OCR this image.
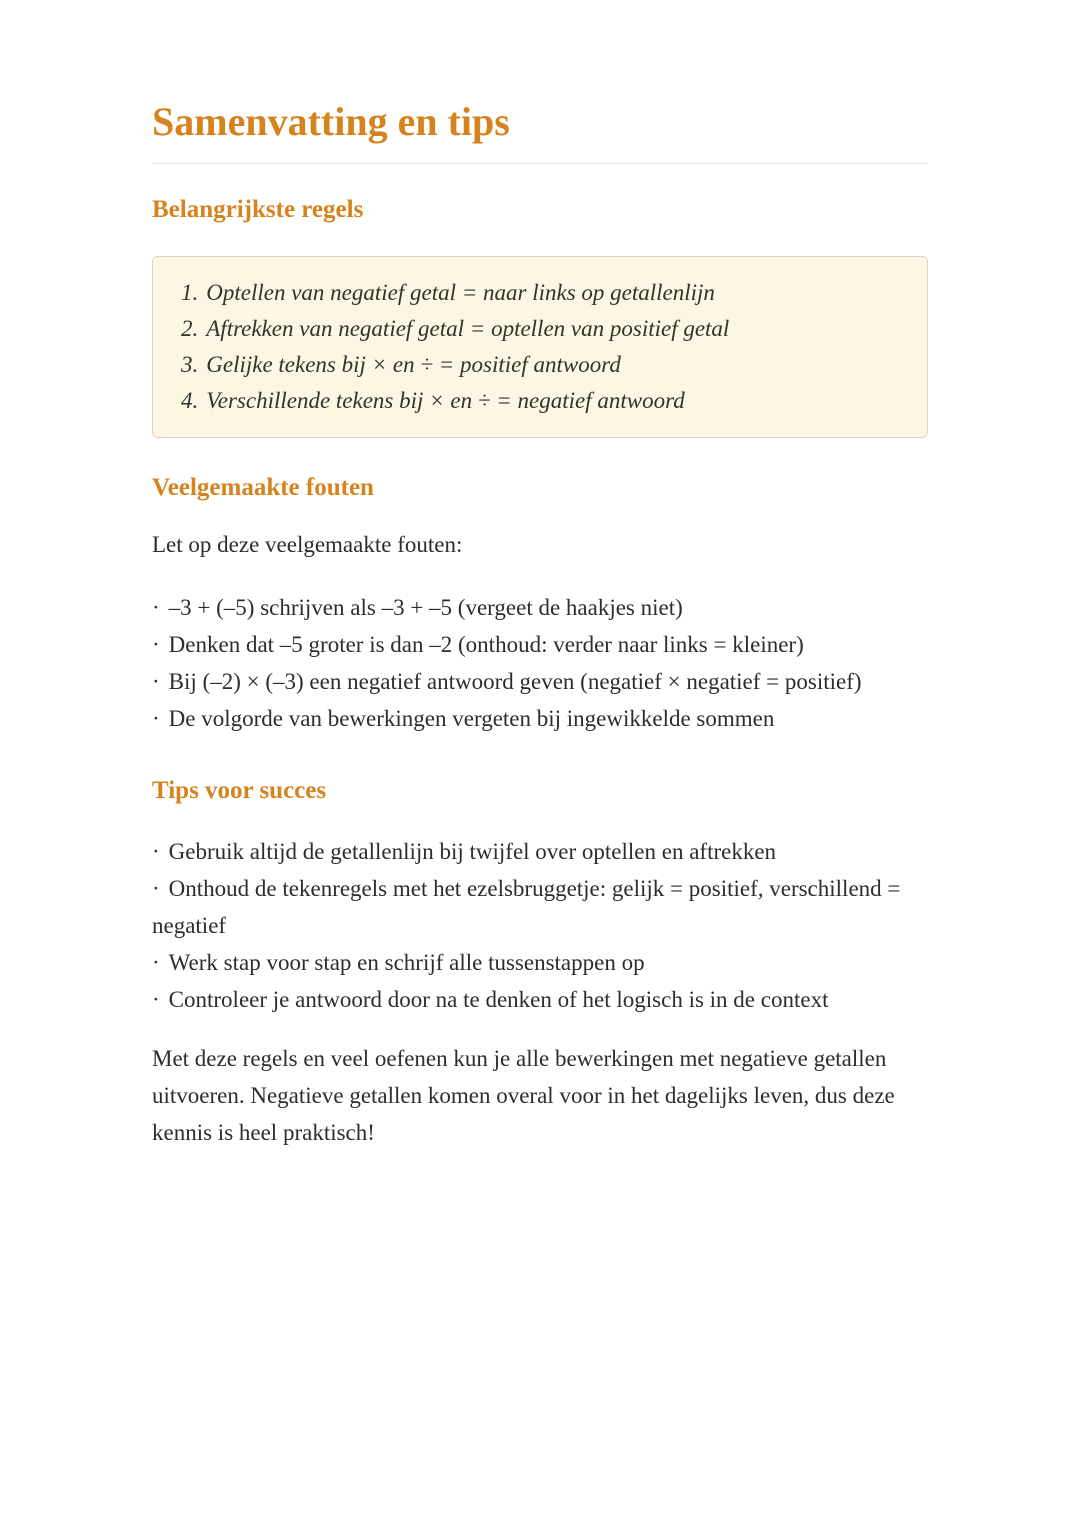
Samenvatting en tips
Belangrijkste regels
1. Optellen van negatief getal = naar links op getallenlijn
2. Aftrekken van negatief getal = optellen van positief getal
3. Gelijke tekens bij × en ÷ = positief antwoord
4. Verschillende tekens bij × en ÷ = negatief antwoord
Veelgemaakte fouten

Let op deze veelgemaakte fouten:

· –3 + (–5) schrijven als –3 + –5 (vergeet de haakjes niet)
· Denken dat –5 groter is dan –2 (onthoud: verder naar links = kleiner)
· Bij (–2) × (–3) een negatief antwoord geven (negatief × negatief = positief)
· De volgorde van bewerkingen vergeten bij ingewikkelde sommen
Tips voor succes
· Gebruik altijd de getallenlijn bij twijfel over optellen en aftrekken
· Onthoud de tekenregels met het ezelsbruggetje: gelijk = positief, verschillend = negatief
· Werk stap voor stap en schrijf alle tussenstappen op
· Controleer je antwoord door na te denken of het logisch is in de context

Met deze regels en veel oefenen kun je alle bewerkingen met negatieve getallen uitvoeren. Negatieve getallen komen overal voor in het dagelijks leven, dus deze kennis is heel praktisch!
